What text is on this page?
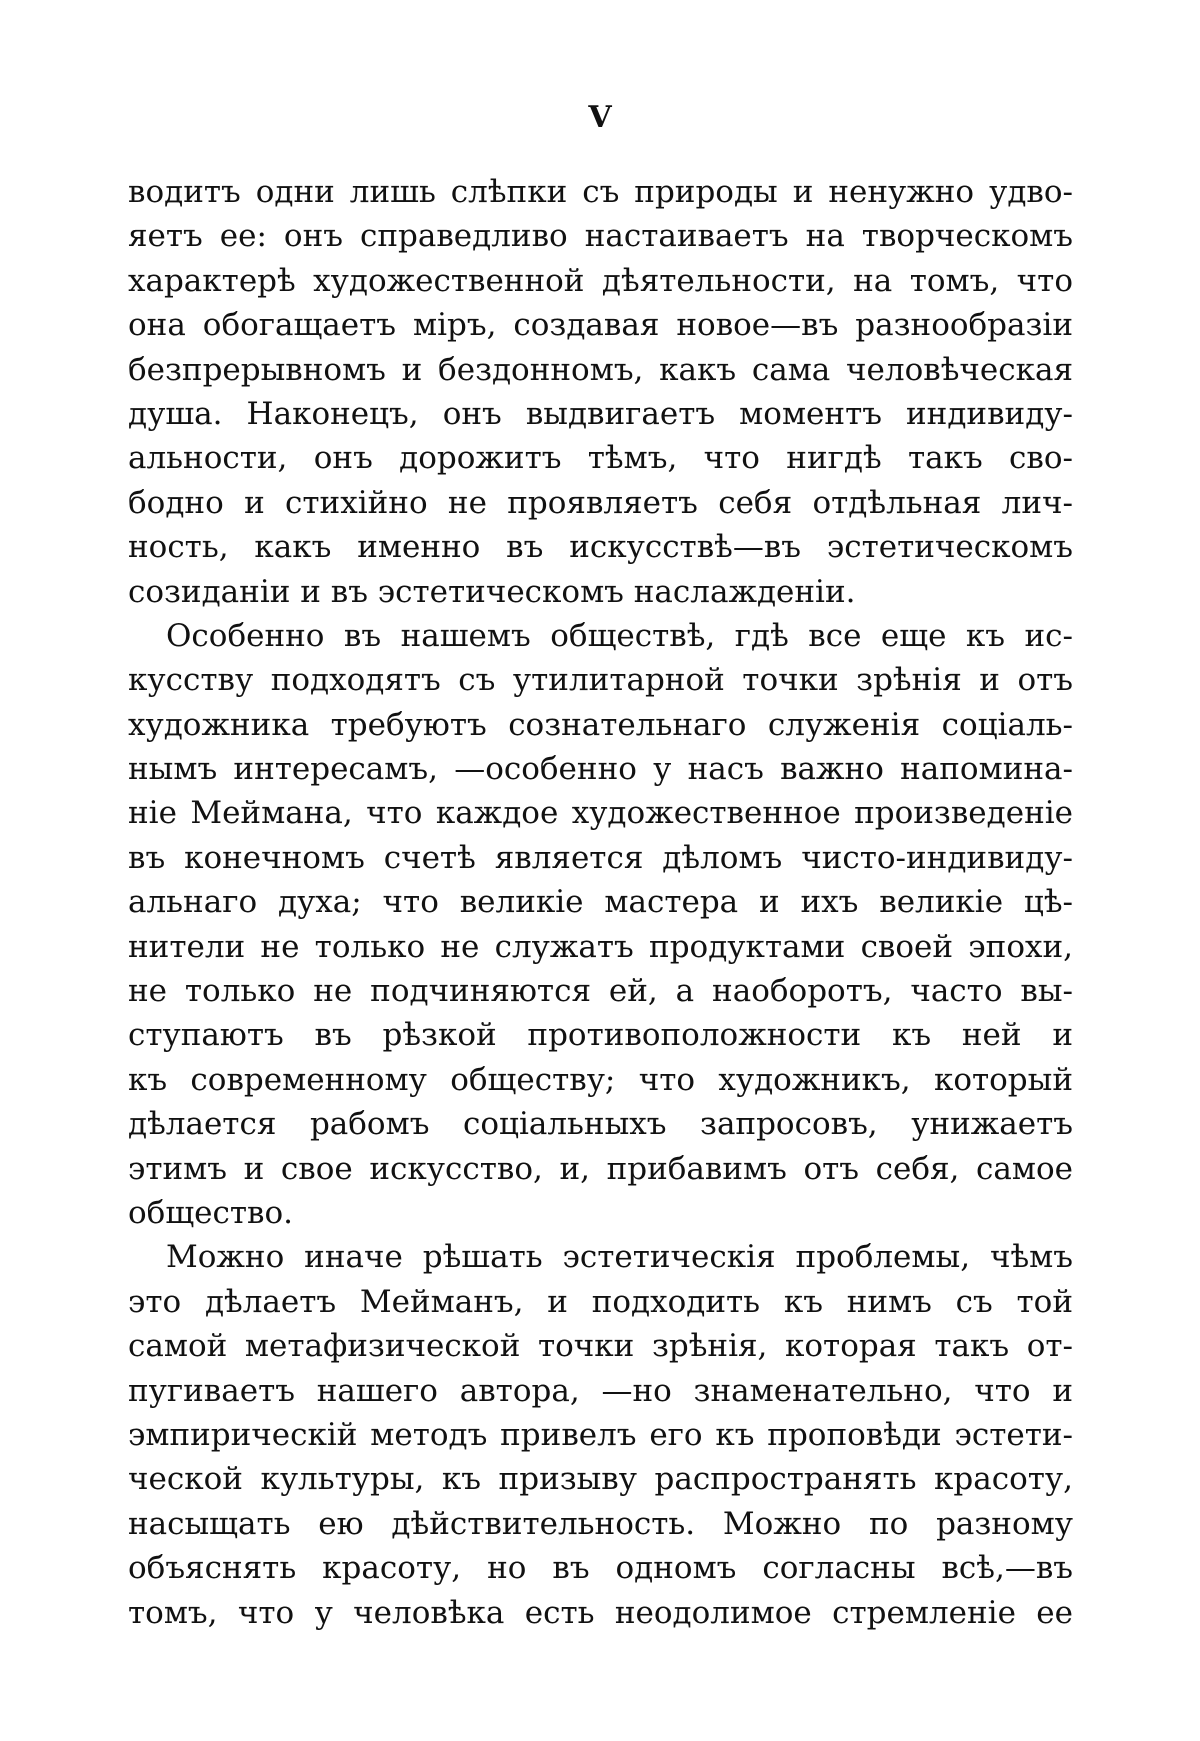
V
водитъ одни лишь слѣпки съ природы и ненужно удво-
яетъ ее: онъ справедливо настаиваетъ на творческомъ
характерѣ художественной дѣятельности, на томъ, что
она обогащаетъ міръ, создавая новое—въ разнообразіи
безпрерывномъ и бездонномъ, какъ сама человѣческая
душа. Наконецъ, онъ выдвигаетъ моментъ индивиду-
альности, онъ дорожитъ тѣмъ, что нигдѣ такъ сво-
бодно и стихійно не проявляетъ себя отдѣльная лич-
ность, какъ именно въ искусствѣ—въ эстетическомъ
созиданіи и въ эстетическомъ наслажденіи.
Особенно въ нашемъ обществѣ, гдѣ все еще къ ис-
кусству подходятъ съ утилитарной точки зрѣнія и отъ
художника требуютъ сознательнаго служенія соціаль-
нымъ интересамъ, —особенно у насъ важно напомина-
ніе Меймана, что каждое художественное произведеніе
въ конечномъ счетѣ является дѣломъ чисто-индивиду-
альнаго духа; что великіе мастера и ихъ великіе цѣ-
нители не только не служатъ продуктами своей эпохи,
не только не подчиняются ей, а наоборотъ, часто вы-
ступаютъ въ рѣзкой противоположности къ ней и
къ современному обществу; что художникъ, который
дѣлается рабомъ соціальныхъ запросовъ, унижаетъ
этимъ и свое искусство, и, прибавимъ отъ себя, самое
общество.
Можно иначе рѣшать эстетическія проблемы, чѣмъ
это дѣлаетъ Мейманъ, и подходить къ нимъ съ той
самой метафизической точки зрѣнія, которая такъ от-
пугиваетъ нашего автора, —но знаменательно, что и
эмпирическій методъ привелъ его къ проповѣди эстети-
ческой культуры, къ призыву распространять красоту,
насыщать ею дѣйствительность. Можно по разному
объяснять красоту, но въ одномъ согласны всѣ,—въ
томъ, что у человѣка есть неодолимое стремленіе ее
